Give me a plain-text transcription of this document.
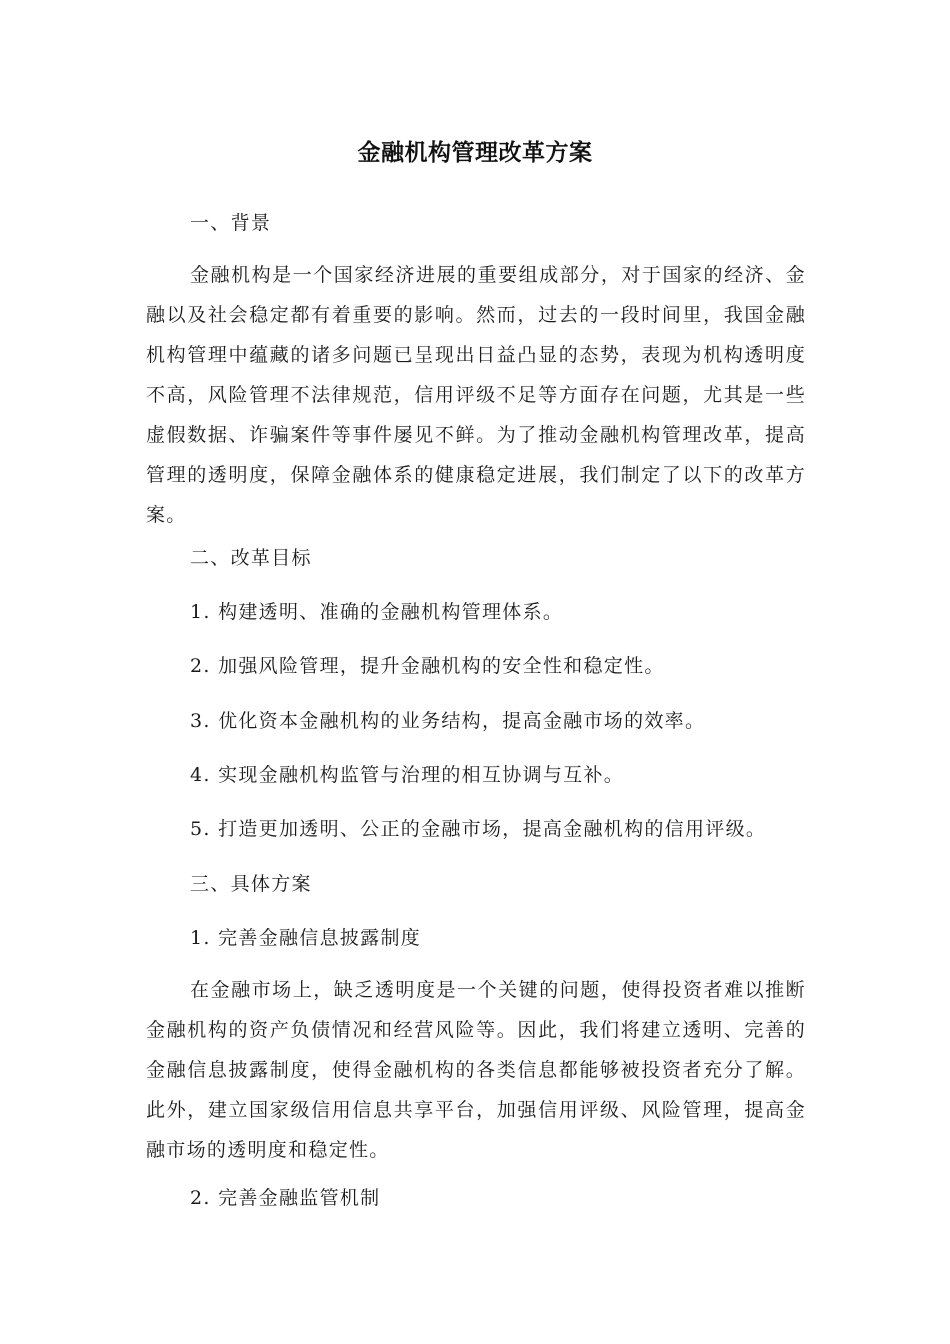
金融机构管理改革方案
一、背景
金融机构是一个国家经济进展的重要组成部分，对于国家的经济、金融以及社会稳定都有着重要的影响。然而，过去的一段时间里，我国金融机构管理中蕴藏的诸多问题已呈现出日益凸显的态势，表现为机构透明度不高，风险管理不法律规范，信用评级不足等方面存在问题，尤其是一些虚假数据、诈骗案件等事件屡见不鲜。为了推动金融机构管理改革，提高管理的透明度，保障金融体系的健康稳定进展，我们制定了以下的改革方案。
二、改革目标
1. 构建透明、准确的金融机构管理体系。
2. 加强风险管理，提升金融机构的安全性和稳定性。
3. 优化资本金融机构的业务结构，提高金融市场的效率。
4. 实现金融机构监管与治理的相互协调与互补。
5. 打造更加透明、公正的金融市场，提高金融机构的信用评级。
三、具体方案
1. 完善金融信息披露制度
在金融市场上，缺乏透明度是一个关键的问题，使得投资者难以推断金融机构的资产负债情况和经营风险等。因此，我们将建立透明、完善的金融信息披露制度，使得金融机构的各类信息都能够被投资者充分了解。此外，建立国家级信用信息共享平台，加强信用评级、风险管理，提高金融市场的透明度和稳定性。
2. 完善金融监管机制
